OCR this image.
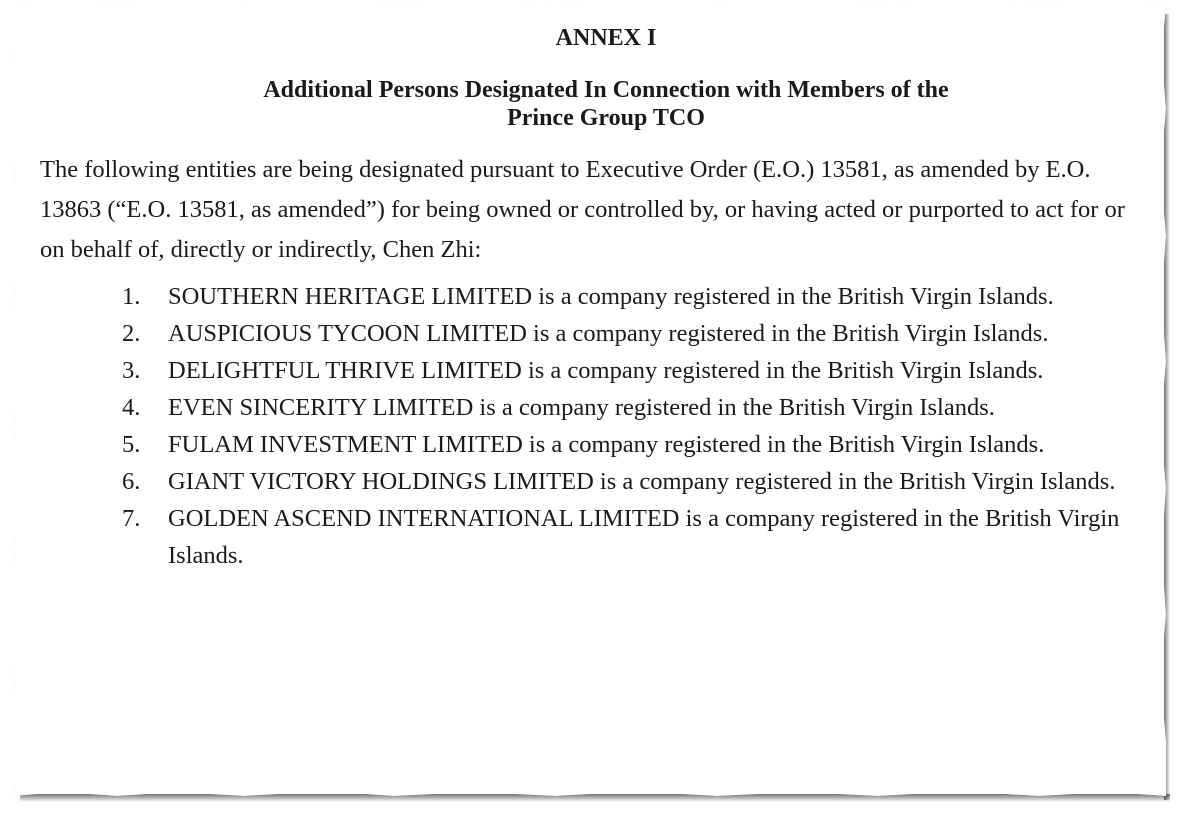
ANNEX I
Additional Persons Designated In Connection with Members of the
Prince Group TCO

The following entities are being designated pursuant to Executive Order (E.O.) 13581, as amended by E.O. 13863 (“E.O. 13581, as amended”) for being owned or controlled by, or having acted or purported to act for or on behalf of, directly or indirectly, Chen Zhi:

1.	SOUTHERN HERITAGE LIMITED is a company registered in the British Virgin Islands.
2.	AUSPICIOUS TYCOON LIMITED is a company registered in the British Virgin Islands.
3.	DELIGHTFUL THRIVE LIMITED is a company registered in the British Virgin Islands.
4.	EVEN SINCERITY LIMITED is a company registered in the British Virgin Islands.
5.	FULAM INVESTMENT LIMITED is a company registered in the British Virgin Islands.
6.	GIANT VICTORY HOLDINGS LIMITED is a company registered in the British Virgin Islands.
7.	GOLDEN ASCEND INTERNATIONAL LIMITED is a company registered in the British Virgin Islands.
